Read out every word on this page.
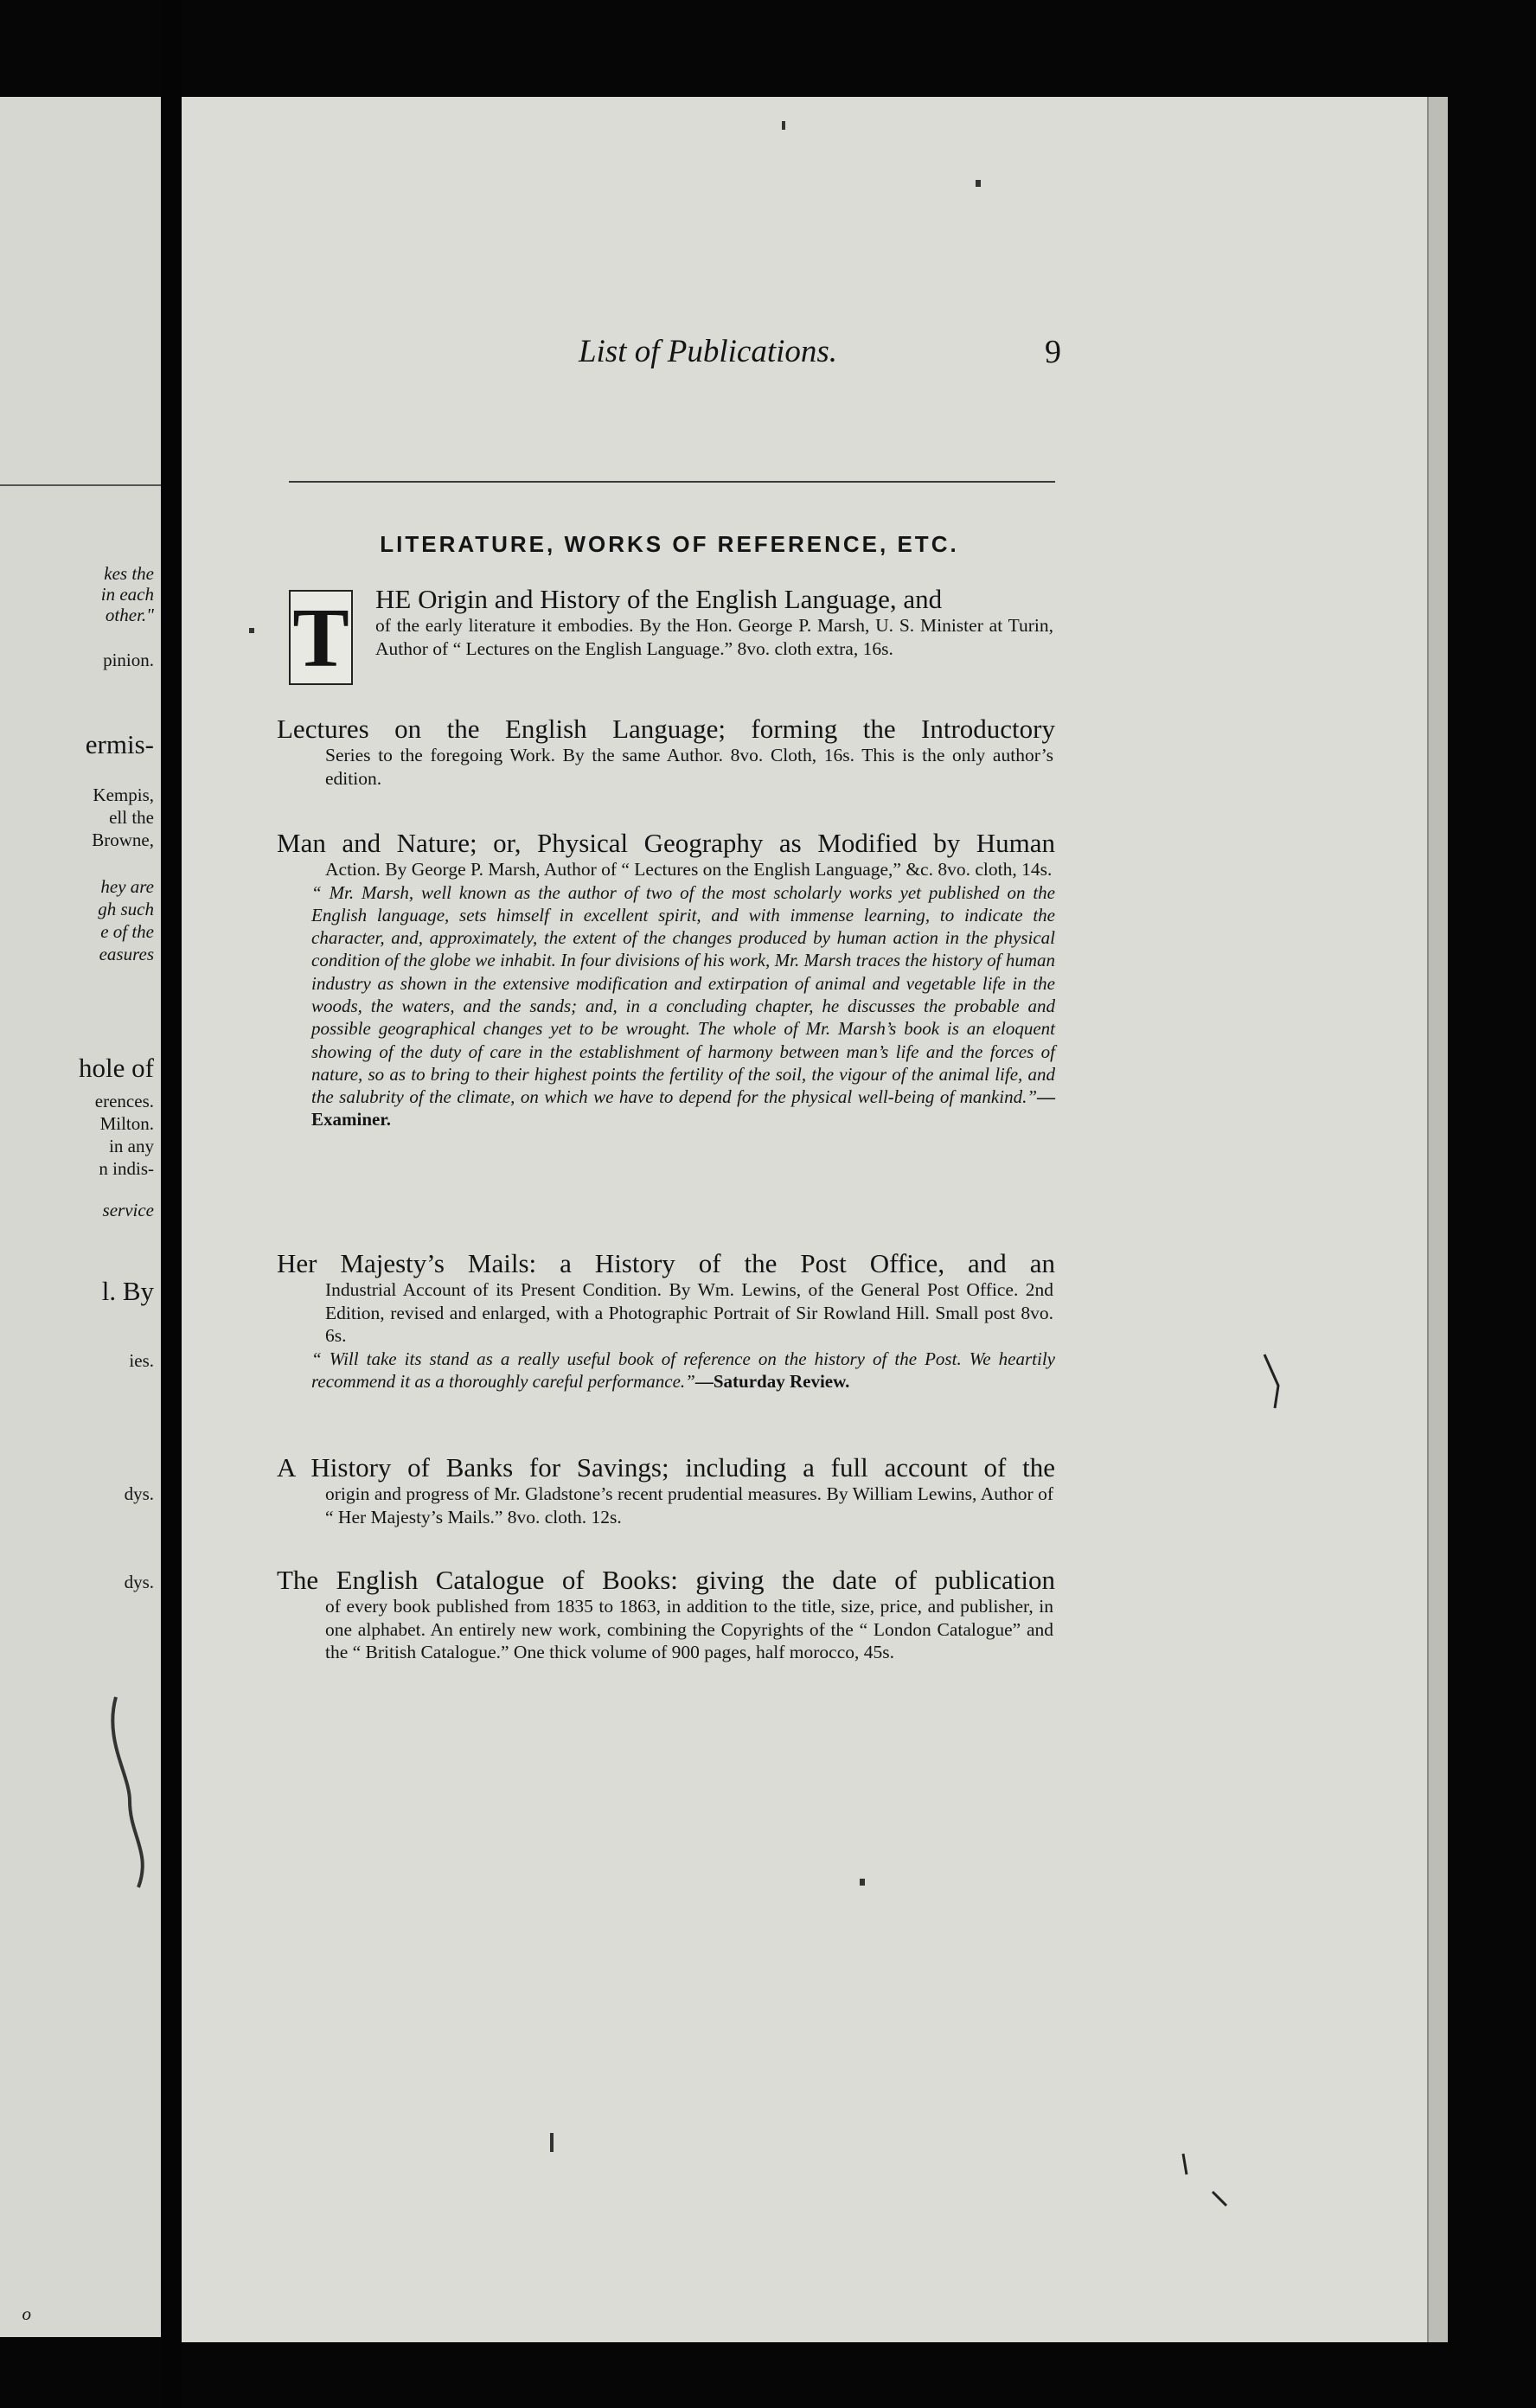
kes the
in each
other."
pinion.
ermis-
Kempis,
ell the
Browne,
hey are
gh such
e of the
easures
hole of
erences.
Milton.
in any
n indis-
service
l. By
ies.
dys.
dys.
o
List of Publications.	9
LITERATURE, WORKS OF REFERENCE, ETC.
T HE Origin and History of the English Language, and
of the early literature it embodies. By the Hon. George P. Marsh, U. S. Minister at Turin, Author of “ Lectures on the English Language.” 8vo. cloth extra, 16s.
Lectures on the English Language; forming the Introductory
Series to the foregoing Work. By the same Author. 8vo. Cloth, 16s. This is the only author’s edition.
Man and Nature; or, Physical Geography as Modified by Human
Action. By George P. Marsh, Author of “ Lectures on the English Language,” &c. 8vo. cloth, 14s.
“ Mr. Marsh, well known as the author of two of the most scholarly works yet published on the English language, sets himself in excellent spirit, and with immense learning, to indicate the character, and, approximately, the extent of the changes produced by human action in the physical condition of the globe we inhabit. In four divisions of his work, Mr. Marsh traces the history of human industry as shown in the extensive modification and extirpation of animal and vegetable life in the woods, the waters, and the sands; and, in a concluding chapter, he discusses the probable and possible geographical changes yet to be wrought. The whole of Mr. Marsh’s book is an eloquent showing of the duty of care in the establishment of harmony between man’s life and the forces of nature, so as to bring to their highest points the fertility of the soil, the vigour of the animal life, and the salubrity of the climate, on which we have to depend for the physical well-being of mankind.”—Examiner.
Her Majesty’s Mails: a History of the Post Office, and an
Industrial Account of its Present Condition. By Wm. Lewins, of the General Post Office. 2nd Edition, revised and enlarged, with a Photographic Portrait of Sir Rowland Hill. Small post 8vo. 6s.
“ Will take its stand as a really useful book of reference on the history of the Post. We heartily recommend it as a thoroughly careful performance.”—Saturday Review.
A History of Banks for Savings; including a full account of the
origin and progress of Mr. Gladstone’s recent prudential measures. By William Lewins, Author of “ Her Majesty’s Mails.” 8vo. cloth. 12s.
The English Catalogue of Books: giving the date of publication
of every book published from 1835 to 1863, in addition to the title, size, price, and publisher, in one alphabet. An entirely new work, combining the Copyrights of the “ London Catalogue” and the “ British Catalogue.” One thick volume of 900 pages, half morocco, 45s.
